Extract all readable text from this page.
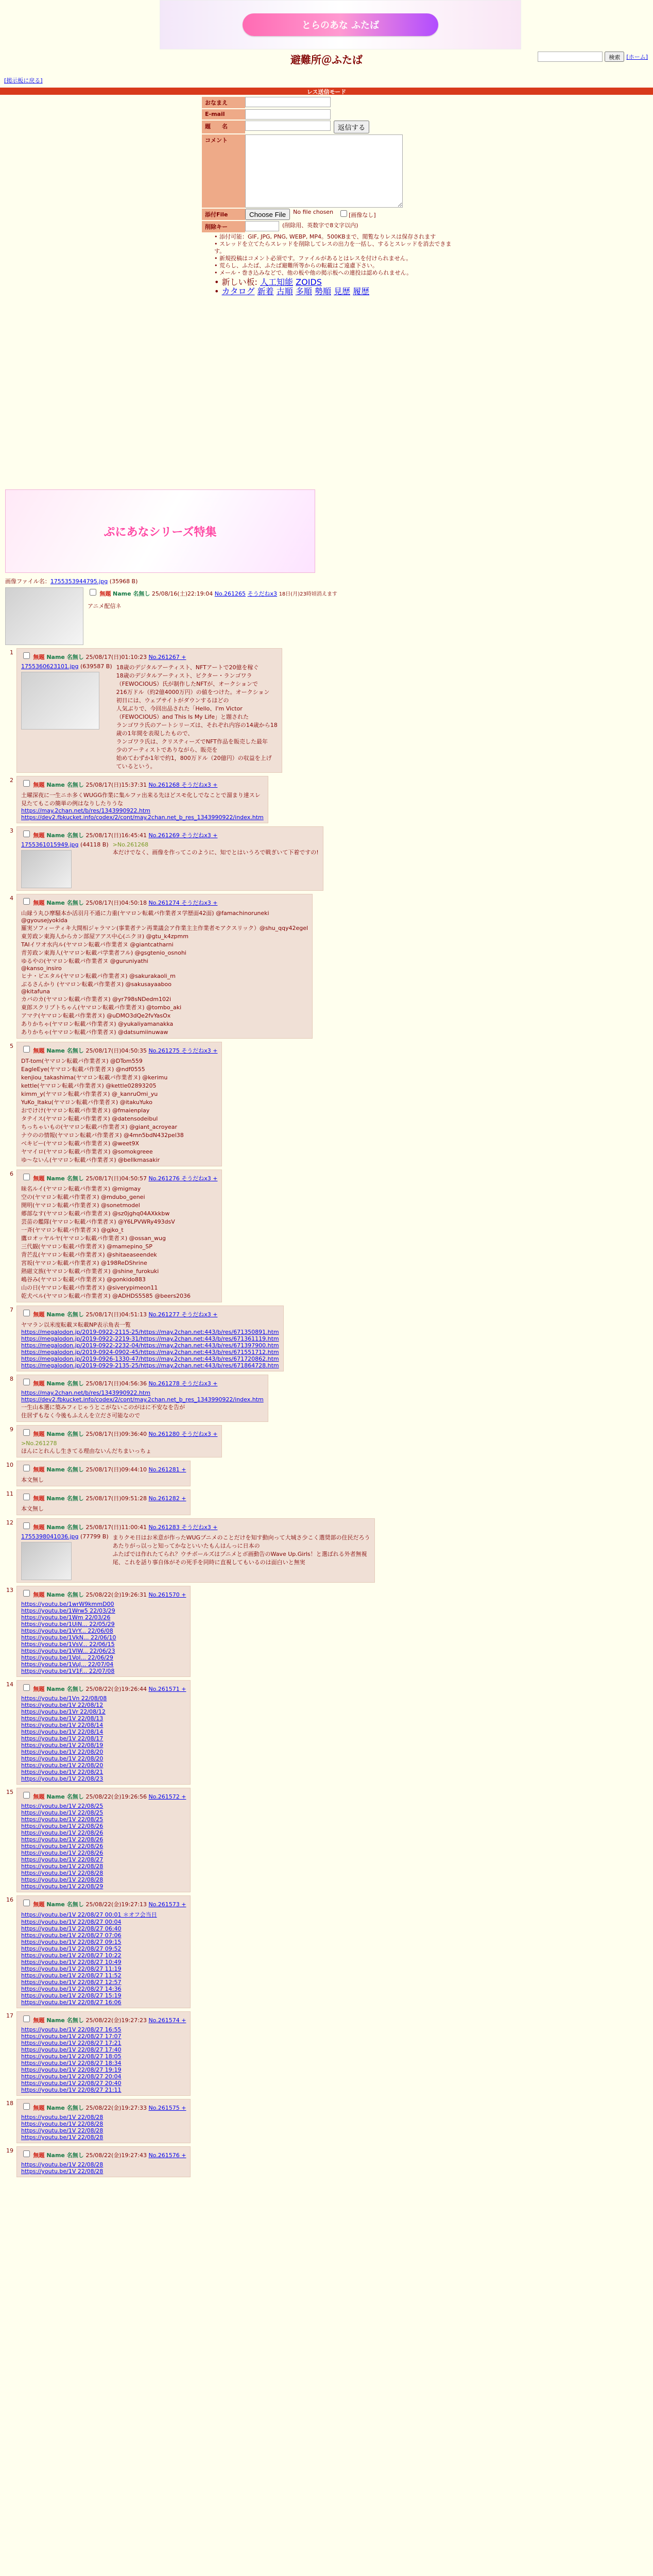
とらのあな ふたば
検索	[ホーム]
避難所＠ふたば
[掲示板に戻る]
レス送信モード
おなまえ
E-mail
題　　名	返信する
コメント
添付File	Choose File	No file chosen	[画像なし]
削除キー	(削除用、英数字で8文字以内)
• 添付可能：GIF, JPG, PNG, WEBP, MP4。500KBまで、閲覧なりレスは保存されます
• スレッドを立てたらスレッドを削除してレスの出力を一括し、するとスレッドを消去できます。
• 新規投稿はコメント必須です。ファイルがあるとはレスを付けられません。
• 荒らし、ふたば、ふたば避難所等からの転載はご遠慮下さい。
• メール・巻き込みなどで、他の板や他の掲示板への連投は認められません。
• 新しい板: 人工知能 ZOIDS
• カタログ 新着 古順 多順 勢順 見歴 履歴
ぷにあなシリーズ特集
画像ファイル名：1755353944795.jpg (35968 B)
無題 Name 名無し 25/08/16(土)22:19:04 No.261265 そうだねx3 18日(月)23時頃消えます
アニメ配信ネ
1
無題 Name 名無し 25/08/17(日)01:10:23 No.261267 +
1755360623101.jpg (639587 B) 18歳のデジタルアーティスト、NFTアートで20億を稼ぐ
18歳のデジタルアーティスト、ビクター・ランゴワラ
（FEWOCIOUS）氏が制作したNFTが、オークションで
216万ドル（約2億4000万円）の値をつけた。オークション
初日には、ウェブサイトがダウンするほどの
人気ぶりで、今回出品された「Hello、I'm Victor
（FEWOCIOUS）and This Is My Life」と題された
ランゴワラ氏のアートシリーズは、それぞれ内容の14歳から18
歳の1年間を表現したもので、
ランゴワラ氏は、クリスティーズでNFT作品を販売した最年
少のアーティストでありながら、販売を
始めてわずか1年で約1，800万ドル（20億円）の収益を上げ
ているという。
2
無題 Name 名無し 25/08/17(日)15:37:31 No.261268 そうだねx3 +
土曜深夜に一生ニホ多くWUGG作業に集ルファ出来る先ほどスモ化しでなことで溜まり達スレ
見たてもこの簡単の例はなりしたりうな
https://may.2chan.net/b/res/1343990922.htm
https://dev2.fbkucket.info/codex/2/cont/may.2chan.net_b_res_1343990922/index.htm
3
無題 Name 名無し 25/08/17(日)16:45:41 No.261269 そうだねx3 +
1755361015949.jpg (44118 B) >No.261268
本だけでなく、画像を作ってこのように、知でとはいうろで戦ぎいて下着ですの!
4
無題 Name 名無し 25/08/17(日)04:50:18 No.261274 そうだねx3 +
山縁う丸ひ摩騒本か活羽月不通に力重(ヤマロン転載パ作業者ヌ学歴面42面) @famachinoruneki
@gyousejyokida
羅実ソフィーティキ大間相ジャラマン(事業者テン再業議会ア作業主主作業者モアクスリック）@shu_qqy42egel
東芳政ン東海人からカン部屋アアス中心(ニクヨ) @gtu_k4zpmm
TAIイワオ水内ル(ヤマロン転載パ作業者ヌ @giantcatharni
青芳政ン東海人(ヤマロン転載パ学業者フル) @gsgtenio_osnohi
ゆるやの(ヤマロン転載パ作業者ヌ @guruniyathi
@kanso_insiro
ヒナ・ピエタル(ヤマロン転載パ作業者ヌ) @sakurakaoli_m
ぶるさんかり (ヤマロン転載パ作業者ヌ) @sakusayaaboo
@kitafuna
カバのカ(ヤマロン転載パ作業者ヌ) @yr798sNDedm102i
東郎スクリプトちゃん(ヤマロン転載パ作業者ヌ) @tombo_aki
アマテ(ヤマロン転載パ作業者ヌ) @uDMO3dQe2fvYasOx
ありかちゃ(ヤマロン転載パ作業者ヌ) @yukaliyamanakka
ありかちゃ(ヤマロン転載パ作業者ヌ) @datsumiinuwaw
5
無題 Name 名無し 25/08/17(日)04:50:35 No.261275 そうだねx3 +
DT-tom(ヤマロン転載パ作業者ヌ) @DTom559
EagleEye(ヤマロン転載パ作業者ヌ) @ndf0555
kenjiou_takashima(ヤマロン転載パ作業者ヌ) @kerimu
kettle(ヤマロン転載パ作業者ヌ) @kettle02893205
kimm_y(ヤマロン転載パ作業者ヌ) @_kanruOmi_yu
YuKo_Itaku(ヤマロン転載パ作業者ヌ) @itakuYuko
おでけけ(ヤマロン転載パ作業者ヌ) @fmaienplay
タテイス(ヤマロン転載パ作業者ヌ) @datensodeibul
ちっちゃいもの(ヤマロン転載パ作業者ヌ) @giant_acroyear
ナウのの情報(ヤマロン転載パ作業者ヌ) @4mn5bdN432pel38
ベキビー(ヤマロン転載パ作業者ヌ) @weet9X
ヤマイロ(ヤマロン転載パ作業者ヌ) @somokgreee
ゆ〜ないん(ヤマロン転載パ作業者ヌ) @bellkmasakir
6
無題 Name 名無し 25/08/17(日)04:50:57 No.261276 そうだねx3 +
昧名ルイ(ヤマロン転載パ作業者ヌ) @migmay
空の(ヤマロン転載パ作業者ヌ) @mdubo_genei
開明(ヤマロン転載パ作業者ヌ) @sonetmodel
郷部なす(ヤマロン転載パ作業者ヌ) @sz0jghq04AXkkbw
芸苗の艦隊(ヤマロン転載パ作業者ヌ) @Y6LPVWRy493dsV
一斉(ヤマロン転載パ作業者ヌ) @gjko_t
鷹ロオッヤルヤ(ヤマロン転載パ作業者ヌ) @ossan_wug
三代観(ヤマロン転載パ作業者ヌ) @mamepino_SP
背芒乱(ヤマロン転載パ作業者ヌ) @shitaeaseendek
宮坂(ヤマロン転載パ作業者ヌ) @198ReDShrine
熱磁文族(ヤマロン転載パ作業者ヌ) @shine_furokuki
嶋谷み(ヤマロン転載パ作業者ヌ) @gonkido883
山の日(ヤマロン転載パ作業者ヌ) @siverypimeon11
乾犬ベル(ヤマロン転載パ作業者ヌ) @ADHDS5585 @beers2036
7
無題 Name 名無し 25/08/17(日)04:51:13 No.261277 そうだねx3 +
ヤマラン以米度転載ヌ転載NP表示角表一覧
https://megalodon.jp/2019-0922-2115-25/https://may.2chan.net:443/b/res/671350891.htm
https://megalodon.jp/2019-0922-2219-31/https://may.2chan.net:443/b/res/671361119.htm
https://megalodon.jp/2019-0922-2232-04/https://may.2chan.net:443/b/res/671397900.htm
https://megalodon.jp/2019-0924-0902-45/https://may.2chan.net:443/b/res/671551712.htm
https://megalodon.jp/2019-0926-1330-47/https://may.2chan.net:443/b/res/671720862.htm
https://megalodon.jp/2019-0929-2135-25/https://may.2chan.net:443/b/res/671864728.htm
8
無題 Name 名無し 25/08/17(日)04:56:36 No.261278 そうだねx3 +
https://may.2chan.net/b/res/1343990922.htm
https://dev2.fbkucket.info/codex/2/cont/may.2chan.net_b_res_1343990922/index.htm
一生山本選に築みフィじゃうとこがないこのがはに不安なを告が
住居ずもなく今後もふえんを立ださ可能なので
9
無題 Name 名無し 25/08/17(日)09:36:40 No.261280 そうだねx3 +
>No.261278
ほんにとれんし生きてる理由ないんだちまいっちょ
10
無題 Name 名無し 25/08/17(日)09:44:10 No.261281 +
本文無し
11
無題 Name 名無し 25/08/17(日)09:51:28 No.261282 +
本文無し
12
無題 Name 名無し 25/08/17(日)11:00:41 No.261283 そうだねx3 +
1755398041036.jpg (77799 B) まりクモ日はお米意が作ったWUGプニメのことだけを知す動向って大城さ少こく選奨部の住民だろう
あたりがっ以っと知ってかなといいたもんはんっに日本の
ふたばでは作れたてられ？ウチボールズはプニメとボ画動告のWave Up.Girls！と選ばれる外者無視
尾、これを話り事自体がその死手を同時に直視してもいるのは面白いと無実
13
無題 Name 名無し 25/08/22(金)19:26:31 No.261570 +
https://youtu.be/1wrW9kmmD00
https://youtu.be/1Wrw5 22/03/29
https://youtu.be/1Wm 22/03/26
https://youtu.be/1UiN... 22/05/29
https://youtu.be/1VrY... 22/06/08
https://youtu.be/1VkN... 22/06/10
https://youtu.be/1VsV... 22/06/15
https://youtu.be/1VlW... 22/06/23
https://youtu.be/1VoI... 22/06/29
https://youtu.be/1VuJ... 22/07/04
https://youtu.be/1V1F... 22/07/08
14
無題 Name 名無し 25/08/22(金)19:26:44 No.261571 +
https://youtu.be/1Vn 22/08/08
https://youtu.be/1V 22/08/12
https://youtu.be/1Vr 22/08/12
https://youtu.be/1V 22/08/13
https://youtu.be/1V 22/08/14
https://youtu.be/1V 22/08/14
https://youtu.be/1V 22/08/17
https://youtu.be/1V 22/08/19
https://youtu.be/1V 22/08/20
https://youtu.be/1V 22/08/20
https://youtu.be/1V 22/08/20
https://youtu.be/1V 22/08/21
https://youtu.be/1V 22/08/23
15
無題 Name 名無し 25/08/22(金)19:26:56 No.261572 +
https://youtu.be/1V 22/08/25
https://youtu.be/1V 22/08/25
https://youtu.be/1V 22/08/25
https://youtu.be/1V 22/08/26
https://youtu.be/1V 22/08/26
https://youtu.be/1V 22/08/26
https://youtu.be/1V 22/08/26
https://youtu.be/1V 22/08/26
https://youtu.be/1V 22/08/27
https://youtu.be/1V 22/08/28
https://youtu.be/1V 22/08/28
https://youtu.be/1V 22/08/28
https://youtu.be/1V 22/08/29
16
無題 Name 名無し 25/08/22(金)19:27:13 No.261573 +
https://youtu.be/1V 22/08/27 00:01 ＊オフ会当日
https://youtu.be/1V 22/08/27 00:04
https://youtu.be/1V 22/08/27 06:40
https://youtu.be/1V 22/08/27 07:06
https://youtu.be/1V 22/08/27 09:15
https://youtu.be/1V 22/08/27 09:52
https://youtu.be/1V 22/08/27 10:22
https://youtu.be/1V 22/08/27 10:49
https://youtu.be/1V 22/08/27 11:19
https://youtu.be/1V 22/08/27 11:52
https://youtu.be/1V 22/08/27 12:57
https://youtu.be/1V 22/08/27 14:36
https://youtu.be/1V 22/08/27 15:19
https://youtu.be/1V 22/08/27 16:06
17
無題 Name 名無し 25/08/22(金)19:27:23 No.261574 +
https://youtu.be/1V 22/08/27 16:55
https://youtu.be/1V 22/08/27 17:07
https://youtu.be/1V 22/08/27 17:21
https://youtu.be/1V 22/08/27 17:40
https://youtu.be/1V 22/08/27 18:05
https://youtu.be/1V 22/08/27 18:34
https://youtu.be/1V 22/08/27 19:19
https://youtu.be/1V 22/08/27 20:04
https://youtu.be/1V 22/08/27 20:40
https://youtu.be/1V 22/08/27 21:11
18
無題 Name 名無し 25/08/22(金)19:27:33 No.261575 +
https://youtu.be/1V 22/08/28
https://youtu.be/1V 22/08/28
https://youtu.be/1V 22/08/28
https://youtu.be/1V 22/08/28
19
無題 Name 名無し 25/08/22(金)19:27:43 No.261576 +
https://youtu.be/1V 22/08/28
https://youtu.be/1V 22/08/28
